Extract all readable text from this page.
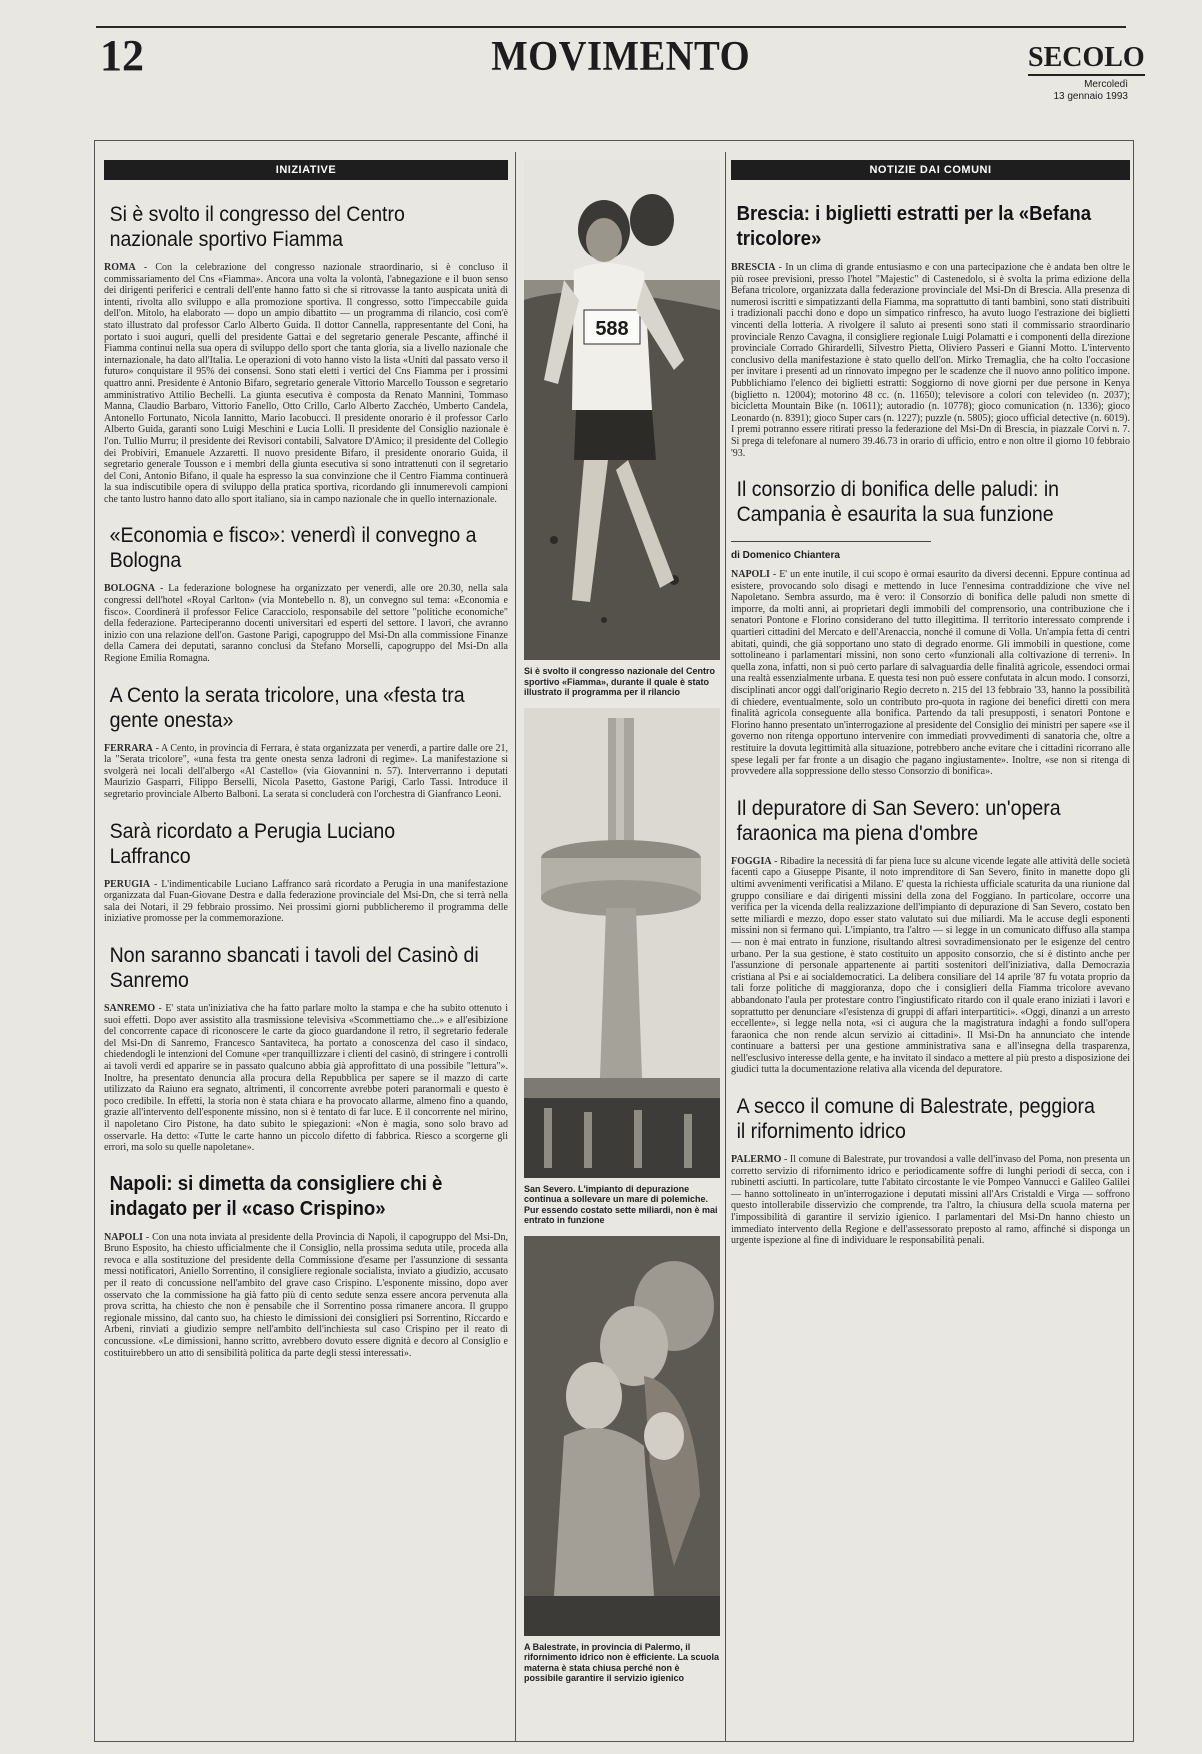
12	MOVIMENTO	SECOLO
Mercoledì
13 gennaio 1993
INIZIATIVE
Si è svolto il congresso del Centro nazionale sportivo Fiamma

ROMA - Con la celebrazione del congresso nazionale straordinario, si è concluso il commissariamento del Cns «Fiamma». Ancora una volta la volontà, l'abnegazione e il buon senso dei dirigenti periferici e centrali dell'ente hanno fatto sì che si ritrovasse la tanto auspicata unità di intenti, rivolta allo sviluppo e alla promozione sportiva. Il congresso, sotto l'impeccabile guida dell'on. Mitolo, ha elaborato — dopo un ampio dibattito — un programma di rilancio, così com'è stato illustrato dal professor Carlo Alberto Guida. Il dottor Cannella, rappresentante del Coni, ha portato i suoi auguri, quelli del presidente Gattai e del segretario generale Pescante, affinché il Fiamma continui nella sua opera di sviluppo dello sport che tanta gloria, sia a livello nazionale che internazionale, ha dato all'Italia. Le operazioni di voto hanno visto la lista «Uniti dal passato verso il futuro» conquistare il 95% dei consensi. Sono stati eletti i vertici del Cns Fiamma per i prossimi quattro anni. Presidente è Antonio Bifaro, segretario generale Vittorio Marcello Tousson e segretario amministrativo Attilio Bechelli. La giunta esecutiva è composta da Renato Mannini, Tommaso Manna, Claudio Barbaro, Vittorio Fanello, Otto Crillo, Carlo Alberto Zacchéo, Umberto Candela, Antonello Fortunato, Nicola Iannitto, Mario Iacobucci. Il presidente onorario è il professor Carlo Alberto Guida, garanti sono Luigi Meschini e Lucia Lolli. Il presidente del Consiglio nazionale è l'on. Tullio Murru; il presidente dei Revisori contabili, Salvatore D'Amico; il presidente del Collegio dei Probiviri, Emanuele Azzaretti. Il nuovo presidente Bifaro, il presidente onorario Guida, il segretario generale Tousson e i membri della giunta esecutiva si sono intrattenuti con il segretario del Coni, Antonio Bifano, il quale ha espresso la sua convinzione che il Centro Fiamma continuerà la sua indiscutibile opera di sviluppo della pratica sportiva, ricordando gli innumerevoli campioni che tanto lustro hanno dato allo sport italiano, sia in campo nazionale che in quello internazionale.

«Economia e fisco»: venerdì il convegno a Bologna

BOLOGNA - La federazione bolognese ha organizzato per venerdì, alle ore 20.30, nella sala congressi dell'hotel «Royal Carlton» (via Montebello n. 8), un convegno sul tema: «Economia e fisco». Coordinerà il professor Felice Caracciolo, responsabile del settore "politiche economiche" della federazione. Parteciperanno docenti universitari ed esperti del settore. I lavori, che avranno inizio con una relazione dell'on. Gastone Parigi, capogruppo del Msi-Dn alla commissione Finanze della Camera dei deputati, saranno conclusi da Stefano Morselli, capogruppo del Msi-Dn alla Regione Emilia Romagna.

A Cento la serata tricolore, una «festa tra gente onesta»

FERRARA - A Cento, in provincia di Ferrara, è stata organizzata per venerdì, a partire dalle ore 21, la "Serata tricolore", «una festa tra gente onesta senza ladroni di regime». La manifestazione si svolgerà nei locali dell'albergo «Al Castello» (via Giovannini n. 57). Interverranno i deputati Maurizio Gasparri, Filippo Berselli, Nicola Pasetto, Gastone Parigi, Carlo Tassi. Introduce il segretario provinciale Alberto Balboni. La serata si concluderà con l'orchestra di Gianfranco Leoni.

Sarà ricordato a Perugia Luciano Laffranco

PERUGIA - L'indimenticabile Luciano Laffranco sarà ricordato a Perugia in una manifestazione organizzata dal Fuan-Giovane Destra e dalla federazione provinciale del Msi-Dn, che si terrà nella sala dei Notari, il 29 febbraio prossimo. Nei prossimi giorni pubblicheremo il programma delle iniziative promosse per la commemorazione.

Non saranno sbancati i tavoli del Casinò di Sanremo

SANREMO - E' stata un'iniziativa che ha fatto parlare molto la stampa e che ha subito ottenuto i suoi effetti. Dopo aver assistito alla trasmissione televisiva «Scommettiamo che...» e all'esibizione del concorrente capace di riconoscere le carte da gioco guardandone il retro, il segretario federale del Msi-Dn di Sanremo, Francesco Santaviteca, ha portato a conoscenza del caso il sindaco, chiedendogli le intenzioni del Comune «per tranquillizzare i clienti del casinò, di stringere i controlli ai tavoli verdi ed apparire se in passato qualcuno abbia già approfittato di una possibile "lettura"». Inoltre, ha presentato denuncia alla procura della Repubblica per sapere se il mazzo di carte utilizzato da Raiuno era segnato, altrimenti, il concorrente avrebbe poteri paranormali e questo è poco credibile. In effetti, la storia non è stata chiara e ha provocato allarme, almeno fino a quando, grazie all'intervento dell'esponente missino, non si è tentato di far luce. E il concorrente nel mirino, il napoletano Ciro Pistone, ha dato subito le spiegazioni: «Non è magia, sono solo bravo ad osservarle. Ha detto: «Tutte le carte hanno un piccolo difetto di fabbrica. Riesco a scorgerne gli errori, ma solo su quelle napoletane».

Napoli: si dimetta da consigliere chi è indagato per il «caso Crispino»

NAPOLI - Con una nota inviata al presidente della Provincia di Napoli, il capogruppo del Msi-Dn, Bruno Esposito, ha chiesto ufficialmente che il Consiglio, nella prossima seduta utile, proceda alla revoca e alla sostituzione del presidente della Commissione d'esame per l'assunzione di sessanta messi notificatori, Aniello Sorrentino, il consigliere regionale socialista, inviato a giudizio, accusato per il reato di concussione nell'ambito del grave caso Crispino. L'esponente missino, dopo aver osservato che la commissione ha già fatto più di cento sedute senza essere ancora pervenuta alla prova scritta, ha chiesto che non è pensabile che il Sorrentino possa rimanere ancora. Il gruppo regionale missino, dal canto suo, ha chiesto le dimissioni dei consiglieri psi Sorrentino, Riccardo e Arbeni, rinviati a giudizio sempre nell'ambito dell'inchiesta sul caso Crispino per il reato di concussione. «Le dimissioni, hanno scritto, avrebbero dovuto essere dignità e decoro al Consiglio e costituirebbero un atto di sensibilità politica da parte degli stessi interessati».

588
Si è svolto il congresso nazionale del Centro sportivo «Fiamma», durante il quale è stato illustrato il programma per il rilancio
San Severo. L'impianto di depurazione continua a sollevare un mare di polemiche. Pur essendo costato sette miliardi, non è mai entrato in funzione
A Balestrate, in provincia di Palermo, il rifornimento idrico non è efficiente. La scuola materna è stata chiusa perché non è possibile garantire il servizio igienico
NOTIZIE DAI COMUNI
Brescia: i biglietti estratti per la «Befana tricolore»

BRESCIA - In un clima di grande entusiasmo e con una partecipazione che è andata ben oltre le più rosee previsioni, presso l'hotel "Majestic" di Castenedolo, si è svolta la prima edizione della Befana tricolore, organizzata dalla federazione provinciale del Msi-Dn di Brescia. Alla presenza di numerosi iscritti e simpatizzanti della Fiamma, ma soprattutto di tanti bambini, sono stati distribuiti i tradizionali pacchi dono e dopo un simpatico rinfresco, ha avuto luogo l'estrazione dei biglietti vincenti della lotteria. A rivolgere il saluto ai presenti sono stati il commissario straordinario provinciale Renzo Cavagna, il consigliere regionale Luigi Polamatti e i componenti della direzione provinciale Corrado Ghirardelli, Silvestro Pietta, Oliviero Passeri e Gianni Motto. L'intervento conclusivo della manifestazione è stato quello dell'on. Mirko Tremaglia, che ha colto l'occasione per invitare i presenti ad un rinnovato impegno per le scadenze che il nuovo anno politico impone. Pubblichiamo l'elenco dei biglietti estratti: Soggiorno di nove giorni per due persone in Kenya (biglietto n. 12004); motorino 48 cc. (n. 11650); televisore a colori con televideo (n. 2037); bicicletta Mountain Bike (n. 10611); autoradio (n. 10778); gioco comunication (n. 1336); gioco Leonardo (n. 8391); gioco Super cars (n. 1227); puzzle (n. 5805); gioco ufficial detective (n. 6019). I premi potranno essere ritirati presso la federazione del Msi-Dn di Brescia, in piazzale Corvi n. 7. Si prega di telefonare al numero 39.46.73 in orario di ufficio, entro e non oltre il giorno 10 febbraio '93.

Il consorzio di bonifica delle paludi: in Campania è esaurita la sua funzione
di Domenico Chiantera

NAPOLI - E' un ente inutile, il cui scopo è ormai esaurito da diversi decenni. Eppure continua ad esistere, provocando solo disagi e mettendo in luce l'ennesima contraddizione che vive nel Napoletano. Sembra assurdo, ma è vero: il Consorzio di bonifica delle paludi non smette di imporre, da molti anni, ai proprietari degli immobili del comprensorio, una contribuzione che i senatori Pontone e Florino considerano del tutto illegittima. Il territorio interessato comprende i quartieri cittadini del Mercato e dell'Arenaccia, nonché il comune di Volla. Un'ampia fetta di centri abitati, quindi, che già sopportano uno stato di degrado enorme. Gli immobili in questione, come sottolineano i parlamentari missini, non sono certo «funzionali alla coltivazione di terreni». In quella zona, infatti, non si può certo parlare di salvaguardia delle finalità agricole, essendoci ormai una realtà essenzialmente urbana. E questa tesi non può essere confutata in alcun modo. I consorzi, disciplinati ancor oggi dall'originario Regio decreto n. 215 del 13 febbraio '33, hanno la possibilità di chiedere, eventualmente, solo un contributo pro-quota in ragione dei benefici diretti con mera finalità agricola conseguente alla bonifica. Partendo da tali presupposti, i senatori Pontone e Florino hanno presentato un'interrogazione al presidente del Consiglio dei ministri per sapere «se il governo non ritenga opportuno intervenire con immediati provvedimenti di sanatoria che, oltre a restituire la dovuta legittimità alla situazione, potrebbero anche evitare che i cittadini ricorrano alle spese legali per far fronte a un disagio che pagano ingiustamente». Inoltre, «se non si ritenga di provvedere alla soppressione dello stesso Consorzio di bonifica».

Il depuratore di San Severo: un'opera faraonica ma piena d'ombre

FOGGIA - Ribadire la necessità di far piena luce su alcune vicende legate alle attività delle società facenti capo a Giuseppe Pisante, il noto imprenditore di San Severo, finito in manette dopo gli ultimi avvenimenti verificatisi a Milano. E' questa la richiesta ufficiale scaturita da una riunione dal gruppo consiliare e dai dirigenti missini della zona del Foggiano. In particolare, occorre una verifica per la vicenda della realizzazione dell'impianto di depurazione di San Severo, costato ben sette miliardi e mezzo, dopo esser stato valutato sui due miliardi. Ma le accuse degli esponenti missini non si fermano qui. L'impianto, tra l'altro — si legge in un comunicato diffuso alla stampa — non è mai entrato in funzione, risultando altresì sovradimensionato per le esigenze del centro urbano. Per la sua gestione, è stato costituito un apposito consorzio, che si è distinto anche per l'assunzione di personale appartenente ai partiti sostenitori dell'iniziativa, dalla Democrazia cristiana al Psi e ai socialdemocratici. La delibera consiliare del 14 aprile '87 fu votata proprio da tali forze politiche di maggioranza, dopo che i consiglieri della Fiamma tricolore avevano abbandonato l'aula per protestare contro l'ingiustificato ritardo con il quale erano iniziati i lavori e soprattutto per denunciare «l'esistenza di gruppi di affari interpartitici». «Oggi, dinanzi a un arresto eccellente», si legge nella nota, «si ci augura che la magistratura indaghi a fondo sull'opera faraonica che non rende alcun servizio ai cittadini». Il Msi-Dn ha annunciato che intende continuare a battersi per una gestione amministrativa sana e all'insegna della trasparenza, nell'esclusivo interesse della gente, e ha invitato il sindaco a mettere al più presto a disposizione dei giudici tutta la documentazione relativa alla vicenda del depuratore.

A secco il comune di Balestrate, peggiora il rifornimento idrico

PALERMO - Il comune di Balestrate, pur trovandosi a valle dell'invaso del Poma, non presenta un corretto servizio di rifornimento idrico e periodicamente soffre di lunghi periodi di secca, con i rubinetti asciutti. In particolare, tutte l'abitato circostante le vie Pompeo Vannucci e Galileo Galilei — hanno sottolineato in un'interrogazione i deputati missini all'Ars Cristaldi e Virga — soffrono questo intollerabile disservizio che comprende, tra l'altro, la chiusura della scuola materna per l'impossibilità di garantire il servizio igienico. I parlamentari del Msi-Dn hanno chiesto un immediato intervento della Regione e dell'assessorato preposto al ramo, affinché si disponga un urgente ispezione al fine di individuare le responsabilità penali.
